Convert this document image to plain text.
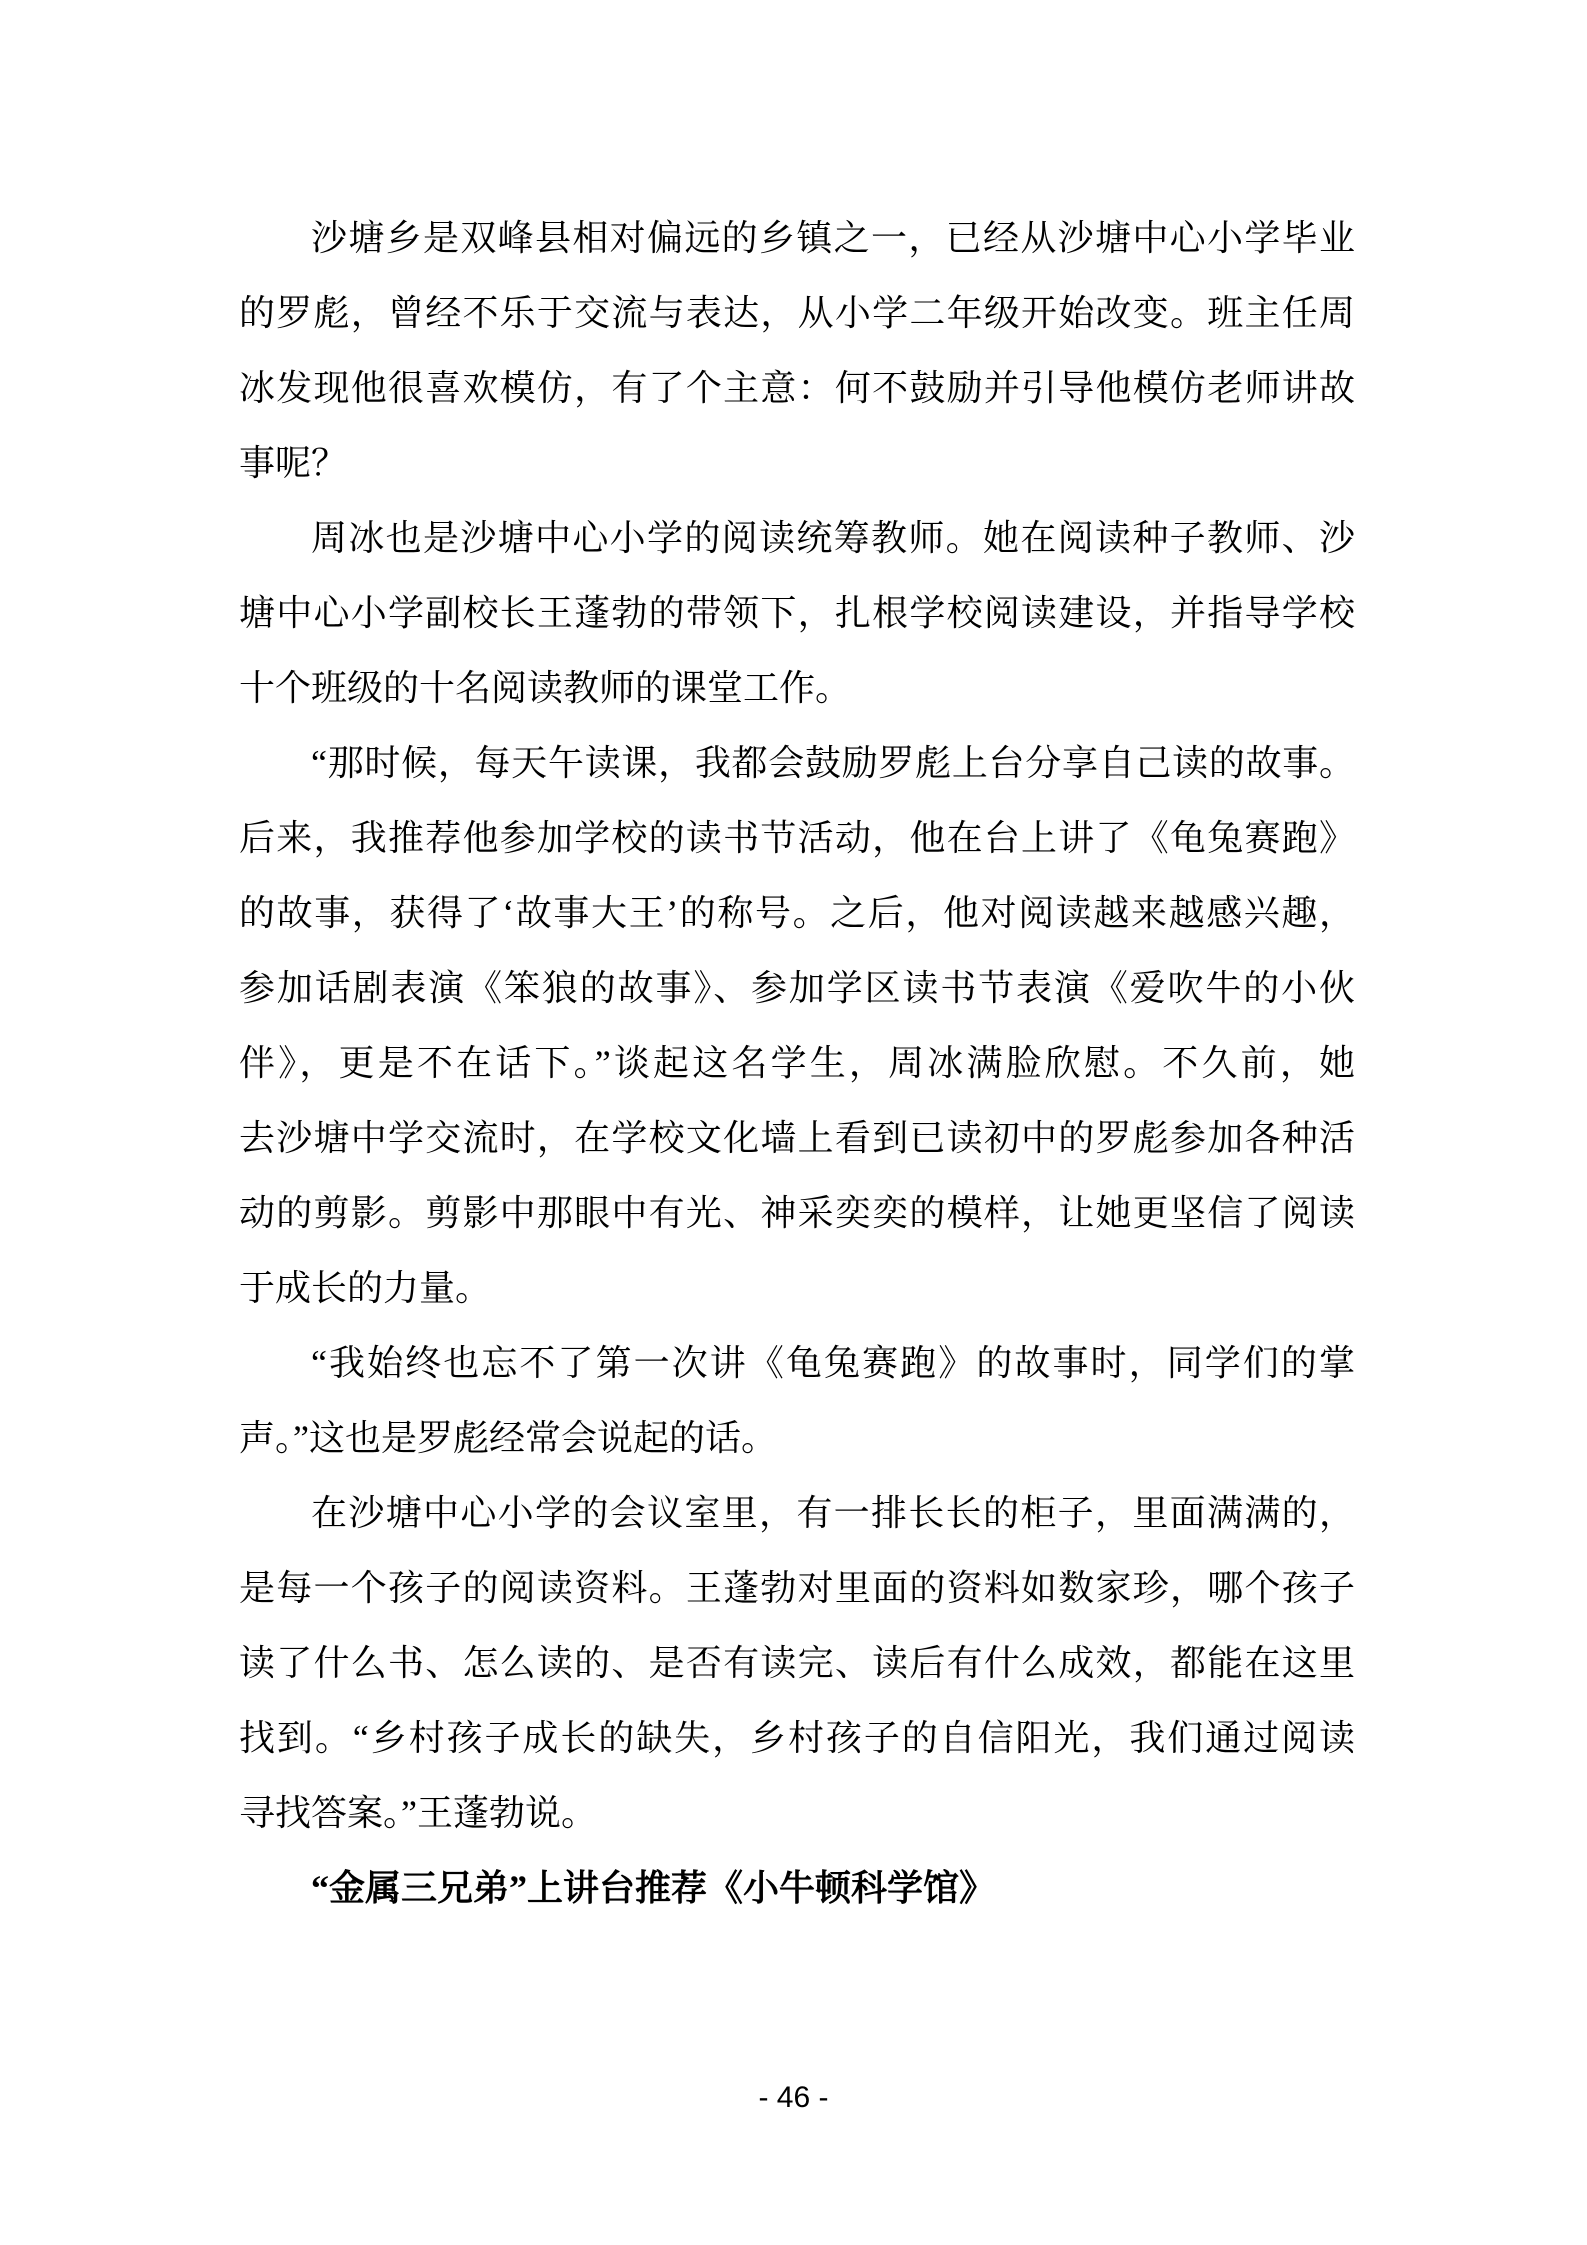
沙塘乡是双峰县相对偏远的乡镇之一，已经从沙塘中心小学毕业
的罗彪，曾经不乐于交流与表达，从小学二年级开始改变。班主任周
冰发现他很喜欢模仿，有了个主意：何不鼓励并引导他模仿老师讲故
事呢？
周冰也是沙塘中心小学的阅读统筹教师。她在阅读种子教师、沙
塘中心小学副校长王蓬勃的带领下，扎根学校阅读建设，并指导学校
十个班级的十名阅读教师的课堂工作。
“那时候，每天午读课，我都会鼓励罗彪上台分享自己读的故事。
后来，我推荐他参加学校的读书节活动，他在台上讲了《龟兔赛跑》
的故事，获得了‘故事大王’的称号。之后，他对阅读越来越感兴趣，
参加话剧表演《笨狼的故事》、参加学区读书节表演《爱吹牛的小伙
伴》，更是不在话下。”谈起这名学生，周冰满脸欣慰。不久前，她
去沙塘中学交流时，在学校文化墙上看到已读初中的罗彪参加各种活
动的剪影。剪影中那眼中有光、神采奕奕的模样，让她更坚信了阅读
于成长的力量。
“我始终也忘不了第一次讲《龟兔赛跑》的故事时，同学们的掌
声。”这也是罗彪经常会说起的话。
在沙塘中心小学的会议室里，有一排长长的柜子，里面满满的，
是每一个孩子的阅读资料。王蓬勃对里面的资料如数家珍，哪个孩子
读了什么书、怎么读的、是否有读完、读后有什么成效，都能在这里
找到。“乡村孩子成长的缺失，乡村孩子的自信阳光，我们通过阅读
寻找答案。”王蓬勃说。
“金属三兄弟”上讲台推荐《小牛顿科学馆》
- 46 -
